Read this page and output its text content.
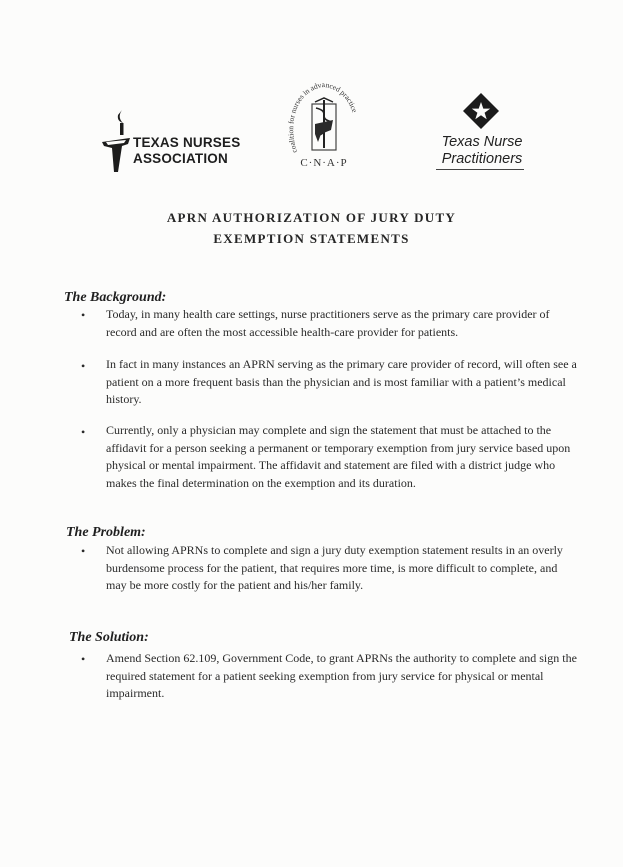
TEXAS NURSES
ASSOCIATION	coalition for nurses in advanced practice
C·N·A·P
Texas Nurse
Practitioners
APRN AUTHORIZATION OF JURY DUTY
EXEMPTION STATEMENTS
The Background:
• Today, in many health care settings, nurse practitioners serve as the primary care provider of record and are often the most accessible health-care provider for patients.
• In fact in many instances an APRN serving as the primary care provider of record, will often see a patient on a more frequent basis than the physician and is most familiar with a patient’s medical history.
• Currently, only a physician may complete and sign the statement that must be attached to the affidavit for a person seeking a permanent or temporary exemption from jury service based upon physical or mental impairment. The affidavit and statement are filed with a district judge who makes the final determination on the exemption and its duration.
The Problem:
• Not allowing APRNs to complete and sign a jury duty exemption statement results in an overly burdensome process for the patient, that requires more time, is more difficult to complete, and may be more costly for the patient and his/her family.
The Solution:
• Amend Section 62.109, Government Code, to grant APRNs the authority to complete and sign the required statement for a patient seeking exemption from jury service for physical or mental impairment.
